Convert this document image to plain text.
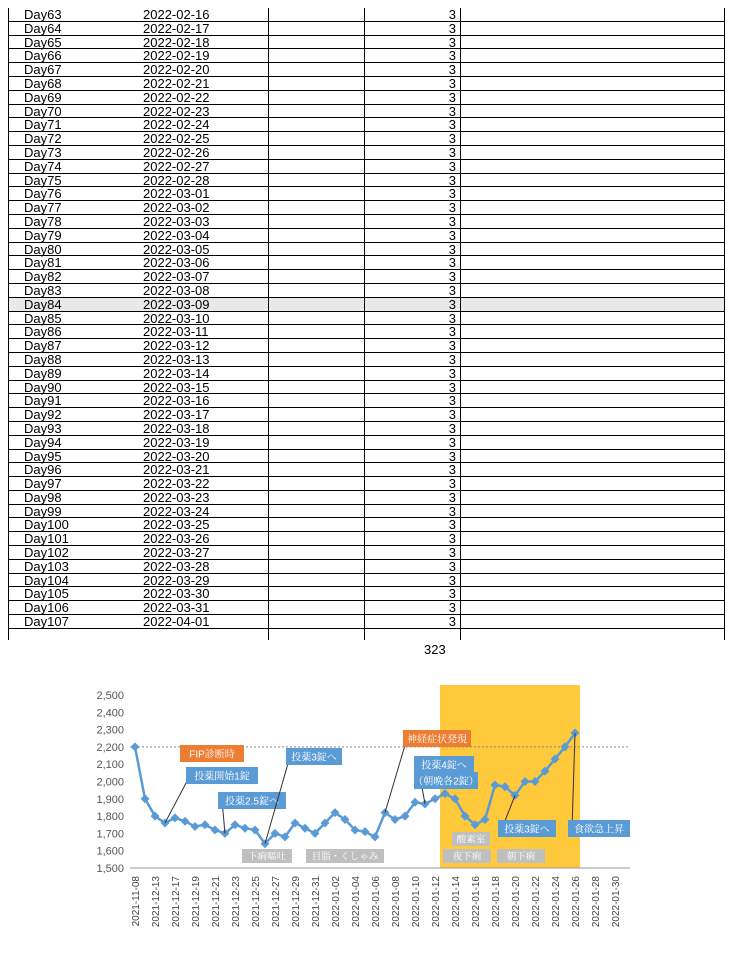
Day63	2022-02-16	3
Day64	2022-02-17	3
Day65	2022-02-18	3
Day66	2022-02-19	3
Day67	2022-02-20	3
Day68	2022-02-21	3
Day69	2022-02-22	3
Day70	2022-02-23	3
Day71	2022-02-24	3
Day72	2022-02-25	3
Day73	2022-02-26	3
Day74	2022-02-27	3
Day75	2022-02-28	3
Day76	2022-03-01	3
Day77	2022-03-02	3
Day78	2022-03-03	3
Day79	2022-03-04	3
Day80	2022-03-05	3
Day81	2022-03-06	3
Day82	2022-03-07	3
Day83	2022-03-08	3
Day84	2022-03-09	3
Day85	2022-03-10	3
Day86	2022-03-11	3
Day87	2022-03-12	3
Day88	2022-03-13	3
Day89	2022-03-14	3
Day90	2022-03-15	3
Day91	2022-03-16	3
Day92	2022-03-17	3
Day93	2022-03-18	3
Day94	2022-03-19	3
Day95	2022-03-20	3
Day96	2022-03-21	3
Day97	2022-03-22	3
Day98	2022-03-23	3
Day99	2022-03-24	3
Day100	2022-03-25	3
Day101	2022-03-26	3
Day102	2022-03-27	3
Day103	2022-03-28	3
Day104	2022-03-29	3
Day105	2022-03-30	3
Day106	2022-03-31	3
Day107	2022-04-01	3
323
1,500
1,600
1,700
1,800
1,900
2,000
2,100
2,200
2,300
2,400
2,500
2021-11-08 2021-12-13 2021-12-17 2021-12-19 2021-12-21 2021-12-23 2021-12-25 2021-12-27 2021-12-29 2021-12-31 2022-01-02 2022-01-04 2022-01-06 2022-01-08 2022-01-10 2022-01-12 2022-01-14 2022-01-16 2022-01-18 2022-01-20 2022-01-22 2022-01-24 2022-01-26 2022-01-28 2022-01-30
FIP診断時
投薬開始1錠
投薬2.5錠へ
投薬3錠へ
神経症状発現
投薬4錠へ
（朝晩各2錠）
投薬3錠へ 食欲急上昇
下痢嘔吐	目脂・くしゃみ
酸素室
夜下痢	朝下痢
